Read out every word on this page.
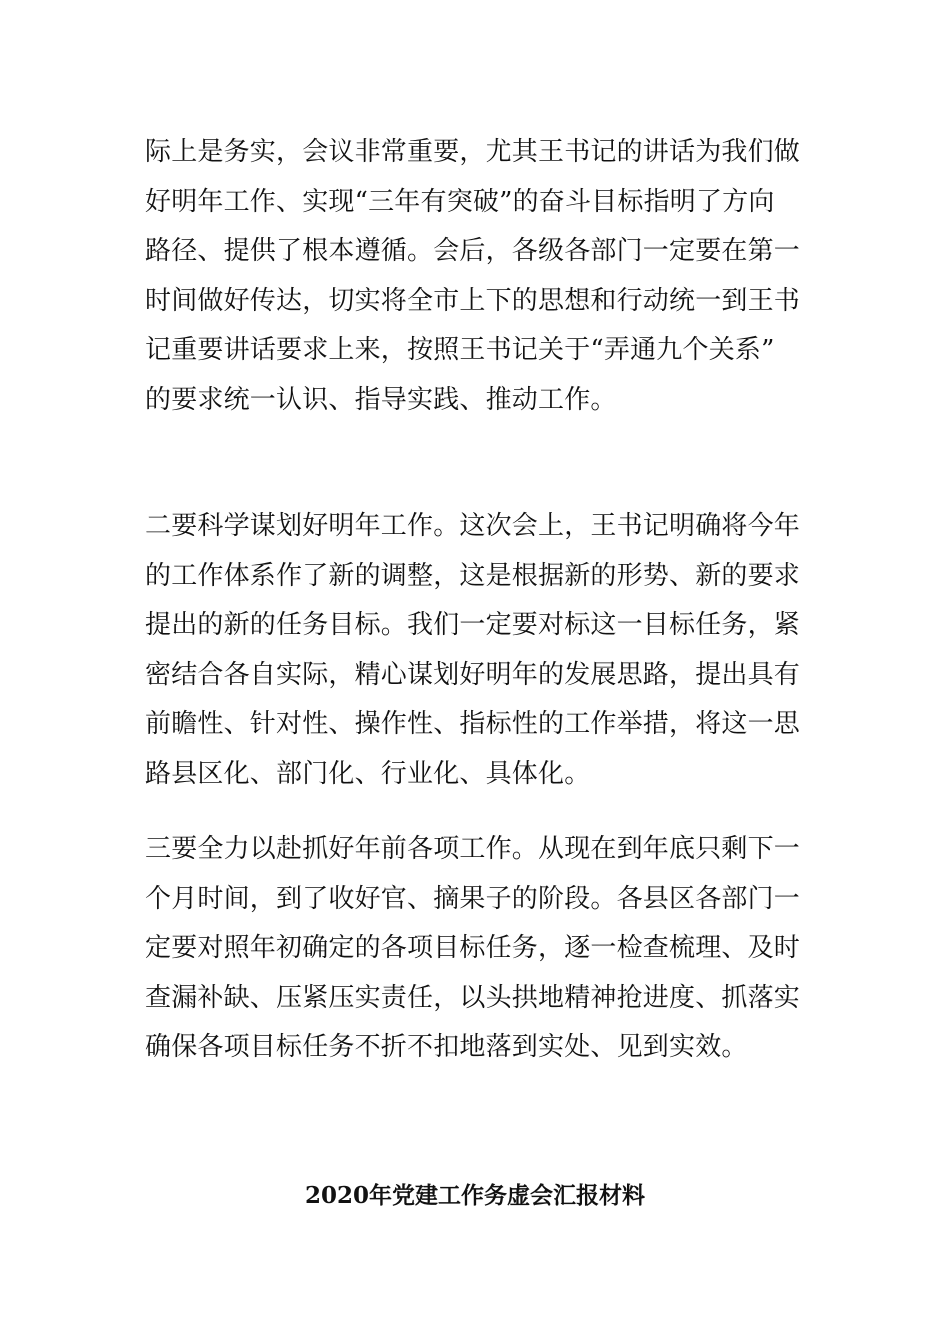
际上是务实，会议非常重要，尤其王书记的讲话为我们做
好明年工作、实现“三年有突破”的奋斗目标指明了方向
路径、提供了根本遵循。会后，各级各部门一定要在第一
时间做好传达，切实将全市上下的思想和行动统一到王书
记重要讲话要求上来，按照王书记关于“弄通九个关系”
的要求统一认识、指导实践、推动工作。
二要科学谋划好明年工作。这次会上，王书记明确将今年
的工作体系作了新的调整，这是根据新的形势、新的要求
提出的新的任务目标。我们一定要对标这一目标任务，紧
密结合各自实际，精心谋划好明年的发展思路，提出具有
前瞻性、针对性、操作性、指标性的工作举措，将这一思
路县区化、部门化、行业化、具体化。
三要全力以赴抓好年前各项工作。从现在到年底只剩下一
个月时间，到了收好官、摘果子的阶段。各县区各部门一
定要对照年初确定的各项目标任务，逐一检查梳理、及时
查漏补缺、压紧压实责任，以头拱地精神抢进度、抓落实
确保各项目标任务不折不扣地落到实处、见到实效。
2020年党建工作务虚会汇报材料
